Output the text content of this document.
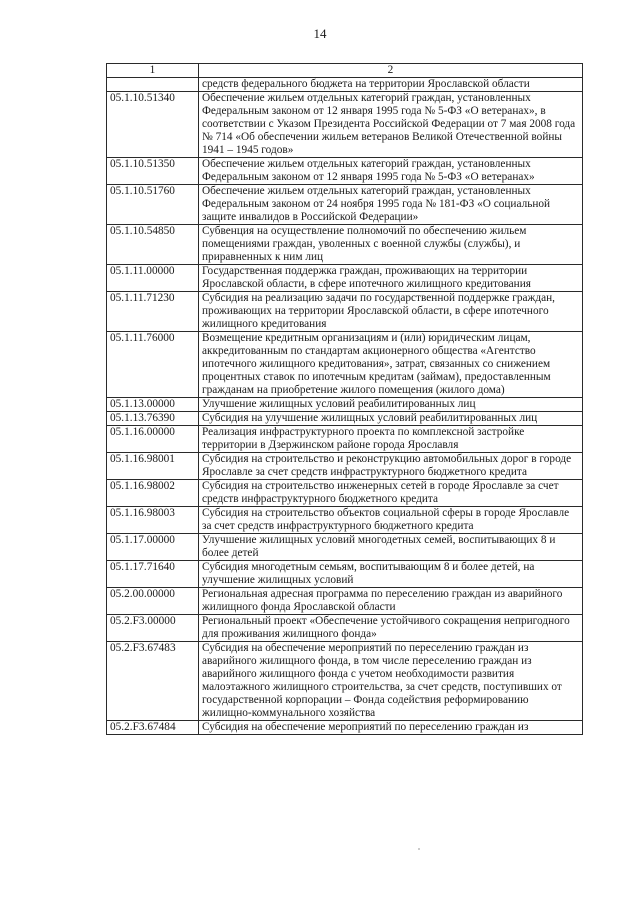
14
1	2
	средств федерального бюджета на территории Ярославской области
05.1.10.51340	Обеспечение жильем отдельных категорий граждан, установленных Федеральным законом от 12 января 1995 года № 5-ФЗ «О ветеранах», в соответствии с Указом Президента Российской Федерации от 7 мая 2008 года № 714 «Об обеспечении жильем ветеранов Великой Отечественной войны 1941 – 1945 годов»
05.1.10.51350	Обеспечение жильем отдельных категорий граждан, установленных Федеральным законом от 12 января 1995 года № 5-ФЗ «О ветеранах»
05.1.10.51760	Обеспечение жильем отдельных категорий граждан, установленных Федеральным законом от 24 ноября 1995 года № 181-ФЗ «О социальной защите инвалидов в Российской Федерации»
05.1.10.54850	Субвенция на осуществление полномочий по обеспечению жильем помещениями граждан, уволенных с военной службы (службы), и приравненных к ним лиц
05.1.11.00000	Государственная поддержка граждан, проживающих на территории Ярославской области, в сфере ипотечного жилищного кредитования
05.1.11.71230	Субсидия на реализацию задачи по государственной поддержке граждан, проживающих на территории Ярославской области, в сфере ипотечного жилищного кредитования
05.1.11.76000	Возмещение кредитным организациям и (или) юридическим лицам, аккредитованным по стандартам акционерного общества «Агентство ипотечного жилищного кредитования», затрат, связанных со снижением процентных ставок по ипотечным кредитам (займам), предоставленным гражданам на приобретение жилого помещения (жилого дома)
05.1.13.00000	Улучшение жилищных условий реабилитированных лиц
05.1.13.76390	Субсидия на улучшение жилищных условий реабилитированных лиц
05.1.16.00000	Реализация инфраструктурного проекта по комплексной застройке территории в Дзержинском районе города Ярославля
05.1.16.98001	Субсидия на строительство и реконструкцию автомобильных дорог в городе Ярославле за счет средств инфраструктурного бюджетного кредита
05.1.16.98002	Субсидия на строительство инженерных сетей в городе Ярославле за счет средств инфраструктурного бюджетного кредита
05.1.16.98003	Субсидия на строительство объектов социальной сферы в городе Ярославле за счет средств инфраструктурного бюджетного кредита
05.1.17.00000	Улучшение жилищных условий многодетных семей, воспитывающих 8 и более детей
05.1.17.71640	Субсидия многодетным семьям, воспитывающим 8 и более детей, на улучшение жилищных условий
05.2.00.00000	Региональная адресная программа по переселению граждан из аварийного жилищного фонда Ярославской области
05.2.F3.00000	Региональный проект «Обеспечение устойчивого сокращения непригодного для проживания жилищного фонда»
05.2.F3.67483	Субсидия на обеспечение мероприятий по переселению граждан из аварийного жилищного фонда, в том числе переселению граждан из аварийного жилищного фонда с учетом необходимости развития малоэтажного жилищного строительства, за счет средств, поступивших от государственной корпорации – Фонда содействия реформированию жилищно-коммунального хозяйства
05.2.F3.67484	Субсидия на обеспечение мероприятий по переселению граждан из
